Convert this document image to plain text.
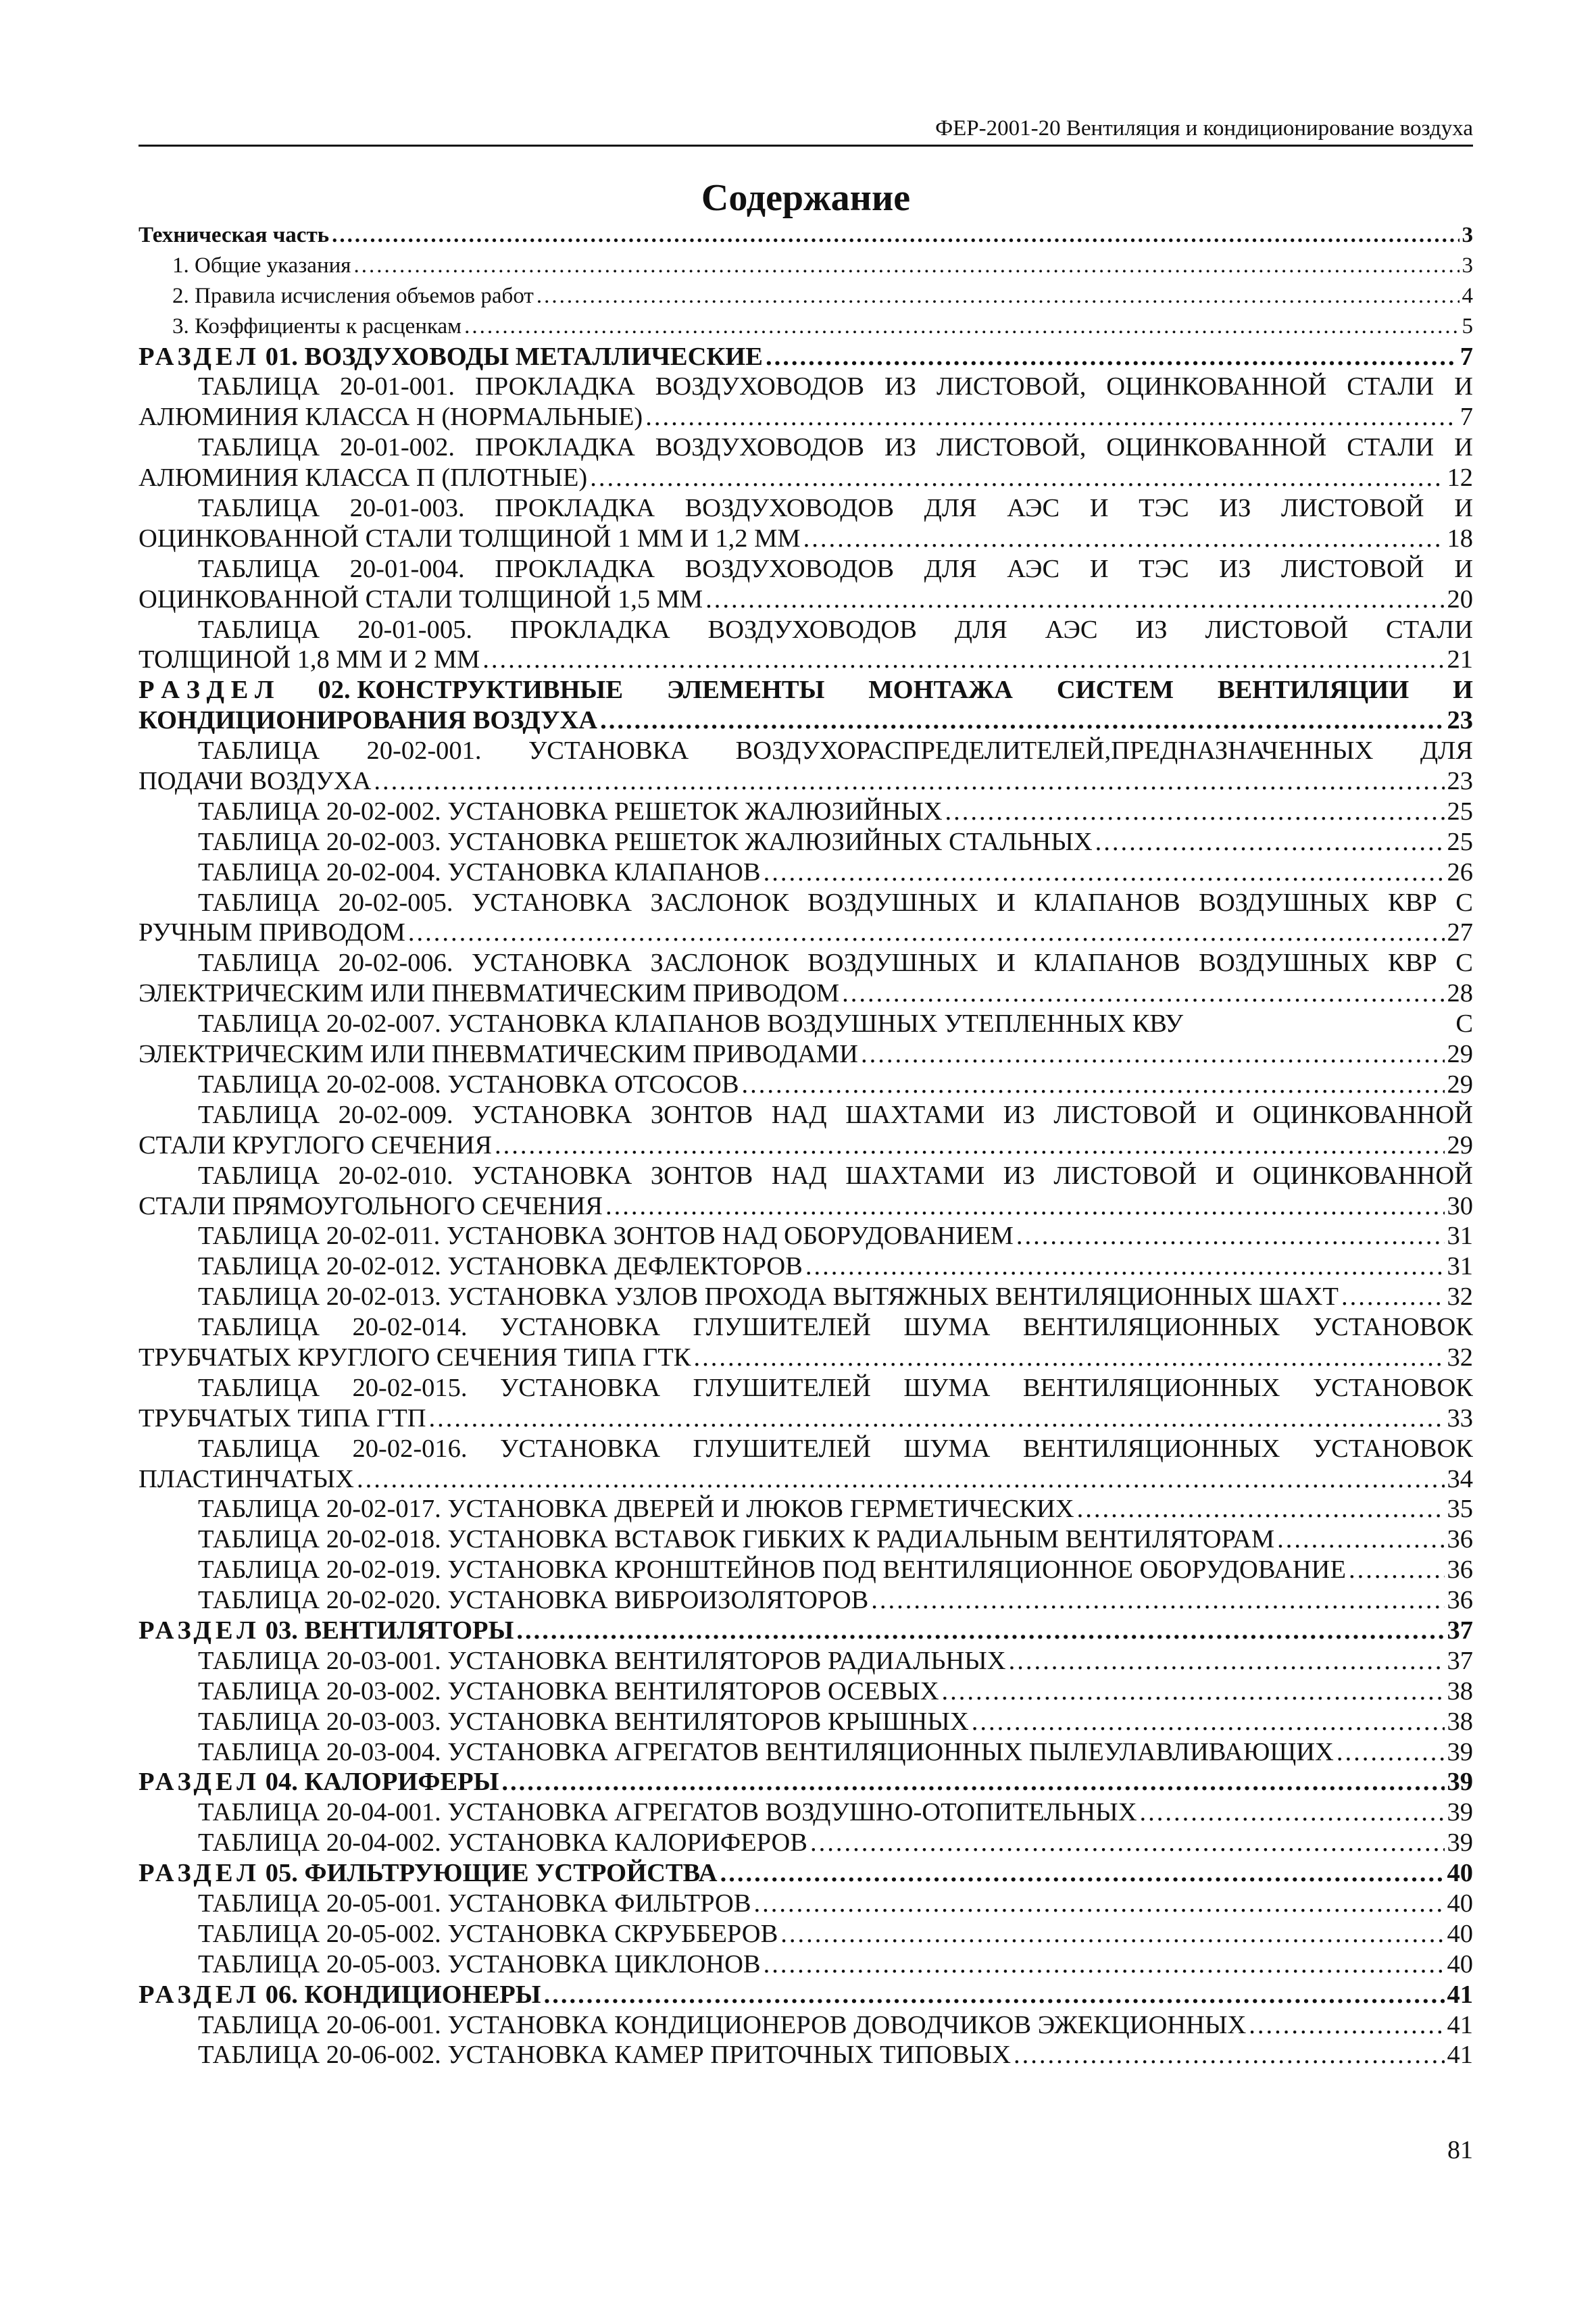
ФЕР-2001-20 Вентиляция и кондиционирование воздуха
Содержание
Техническая часть .....	3
1. Общие указания .....	3
2. Правила исчисления объемов работ .....	4
3. Коэффициенты к расценкам .....	5
РАЗДЕЛ 01. ВОЗДУХОВОДЫ МЕТАЛЛИЧЕСКИЕ .....	7
ТАБЛИЦА 20-01-001. ПРОКЛАДКА ВОЗДУХОВОДОВ ИЗ ЛИСТОВОЙ, ОЦИНКОВАННОЙ СТАЛИ И
АЛЮМИНИЯ КЛАССА Н (НОРМАЛЬНЫЕ) .....	7
ТАБЛИЦА 20-01-002. ПРОКЛАДКА ВОЗДУХОВОДОВ ИЗ ЛИСТОВОЙ, ОЦИНКОВАННОЙ СТАЛИ И
АЛЮМИНИЯ КЛАССА П (ПЛОТНЫЕ) .....	12
ТАБЛИЦА 20-01-003. ПРОКЛАДКА ВОЗДУХОВОДОВ ДЛЯ АЭС И ТЭС ИЗ ЛИСТОВОЙ И
ОЦИНКОВАННОЙ СТАЛИ ТОЛЩИНОЙ 1 ММ И 1,2 ММ .....	18
ТАБЛИЦА 20-01-004. ПРОКЛАДКА ВОЗДУХОВОДОВ ДЛЯ АЭС И ТЭС ИЗ ЛИСТОВОЙ И
ОЦИНКОВАННОЙ СТАЛИ ТОЛЩИНОЙ 1,5 ММ .....	20
ТАБЛИЦА 20-01-005. ПРОКЛАДКА ВОЗДУХОВОДОВ ДЛЯ АЭС ИЗ ЛИСТОВОЙ СТАЛИ
ТОЛЩИНОЙ 1,8 ММ И 2 ММ .....	21
Р А З Д Е Л 02. КОНСТРУКТИВНЫЕ ЭЛЕМЕНТЫ МОНТАЖА СИСТЕМ ВЕНТИЛЯЦИИ И
КОНДИЦИОНИРОВАНИЯ ВОЗДУХА .....	23
ТАБЛИЦА 20-02-001. УСТАНОВКА ВОЗДУХОРАСПРЕДЕЛИТЕЛЕЙ,ПРЕДНАЗНАЧЕННЫХ ДЛЯ
ПОДАЧИ ВОЗДУХА .....	23
ТАБЛИЦА 20-02-002. УСТАНОВКА РЕШЕТОК ЖАЛЮЗИЙНЫХ .....	25
ТАБЛИЦА 20-02-003. УСТАНОВКА РЕШЕТОК ЖАЛЮЗИЙНЫХ СТАЛЬНЫХ .....	25
ТАБЛИЦА 20-02-004. УСТАНОВКА КЛАПАНОВ .....	26
ТАБЛИЦА 20-02-005. УСТАНОВКА ЗАСЛОНОК ВОЗДУШНЫХ И КЛАПАНОВ ВОЗДУШНЫХ КВР С
РУЧНЫМ ПРИВОДОМ .....	27
ТАБЛИЦА 20-02-006. УСТАНОВКА ЗАСЛОНОК ВОЗДУШНЫХ И КЛАПАНОВ ВОЗДУШНЫХ КВР С
ЭЛЕКТРИЧЕСКИМ ИЛИ ПНЕВМАТИЧЕСКИМ ПРИВОДОМ .....	28
ТАБЛИЦА 20-02-007. УСТАНОВКА КЛАПАНОВ ВОЗДУШНЫХ УТЕПЛЕННЫХ КВУ	С
ЭЛЕКТРИЧЕСКИМ ИЛИ ПНЕВМАТИЧЕСКИМ ПРИВОДАМИ .....	29
ТАБЛИЦА 20-02-008. УСТАНОВКА ОТСОСОВ .....	29
ТАБЛИЦА 20-02-009. УСТАНОВКА ЗОНТОВ НАД ШАХТАМИ ИЗ ЛИСТОВОЙ И ОЦИНКОВАННОЙ
СТАЛИ КРУГЛОГО СЕЧЕНИЯ .....	29
ТАБЛИЦА 20-02-010. УСТАНОВКА ЗОНТОВ НАД ШАХТАМИ ИЗ ЛИСТОВОЙ И ОЦИНКОВАННОЙ
СТАЛИ ПРЯМОУГОЛЬНОГО СЕЧЕНИЯ .....	30
ТАБЛИЦА 20-02-011. УСТАНОВКА ЗОНТОВ НАД ОБОРУДОВАНИЕМ .....	31
ТАБЛИЦА 20-02-012. УСТАНОВКА ДЕФЛЕКТОРОВ .....	31
ТАБЛИЦА 20-02-013. УСТАНОВКА УЗЛОВ ПРОХОДА ВЫТЯЖНЫХ ВЕНТИЛЯЦИОННЫХ ШАХТ .....	32
ТАБЛИЦА 20-02-014. УСТАНОВКА ГЛУШИТЕЛЕЙ ШУМА ВЕНТИЛЯЦИОННЫХ УСТАНОВОК
ТРУБЧАТЫХ КРУГЛОГО СЕЧЕНИЯ ТИПА ГТК .....	32
ТАБЛИЦА 20-02-015. УСТАНОВКА ГЛУШИТЕЛЕЙ ШУМА ВЕНТИЛЯЦИОННЫХ УСТАНОВОК
ТРУБЧАТЫХ ТИПА ГТП .....	33
ТАБЛИЦА 20-02-016. УСТАНОВКА ГЛУШИТЕЛЕЙ ШУМА ВЕНТИЛЯЦИОННЫХ УСТАНОВОК
ПЛАСТИНЧАТЫХ .....	34
ТАБЛИЦА 20-02-017. УСТАНОВКА ДВЕРЕЙ И ЛЮКОВ ГЕРМЕТИЧЕСКИХ .....	35
ТАБЛИЦА 20-02-018. УСТАНОВКА ВСТАВОК ГИБКИХ К РАДИАЛЬНЫМ ВЕНТИЛЯТОРАМ .....	36
ТАБЛИЦА 20-02-019. УСТАНОВКА КРОНШТЕЙНОВ ПОД ВЕНТИЛЯЦИОННОЕ ОБОРУДОВАНИЕ .....	36
ТАБЛИЦА 20-02-020. УСТАНОВКА ВИБРОИЗОЛЯТОРОВ .....	36
РАЗДЕЛ 03. ВЕНТИЛЯТОРЫ .....	37
ТАБЛИЦА 20-03-001. УСТАНОВКА ВЕНТИЛЯТОРОВ РАДИАЛЬНЫХ .....	37
ТАБЛИЦА 20-03-002. УСТАНОВКА ВЕНТИЛЯТОРОВ ОСЕВЫХ .....	38
ТАБЛИЦА 20-03-003. УСТАНОВКА ВЕНТИЛЯТОРОВ КРЫШНЫХ .....	38
ТАБЛИЦА 20-03-004. УСТАНОВКА АГРЕГАТОВ ВЕНТИЛЯЦИОННЫХ ПЫЛЕУЛАВЛИВАЮЩИХ .....	39
РАЗДЕЛ 04. КАЛОРИФЕРЫ .....	39
ТАБЛИЦА 20-04-001. УСТАНОВКА АГРЕГАТОВ ВОЗДУШНО-ОТОПИТЕЛЬНЫХ .....	39
ТАБЛИЦА 20-04-002. УСТАНОВКА КАЛОРИФЕРОВ .....	39
РАЗДЕЛ 05. ФИЛЬТРУЮЩИЕ УСТРОЙСТВА .....	40
ТАБЛИЦА 20-05-001. УСТАНОВКА ФИЛЬТРОВ .....	40
ТАБЛИЦА 20-05-002. УСТАНОВКА СКРУББЕРОВ .....	40
ТАБЛИЦА 20-05-003. УСТАНОВКА ЦИКЛОНОВ .....	40
РАЗДЕЛ 06. КОНДИЦИОНЕРЫ .....	41
ТАБЛИЦА 20-06-001. УСТАНОВКА КОНДИЦИОНЕРОВ ДОВОДЧИКОВ ЭЖЕКЦИОННЫХ .....	41
ТАБЛИЦА 20-06-002. УСТАНОВКА КАМЕР ПРИТОЧНЫХ ТИПОВЫХ .....	41
81
